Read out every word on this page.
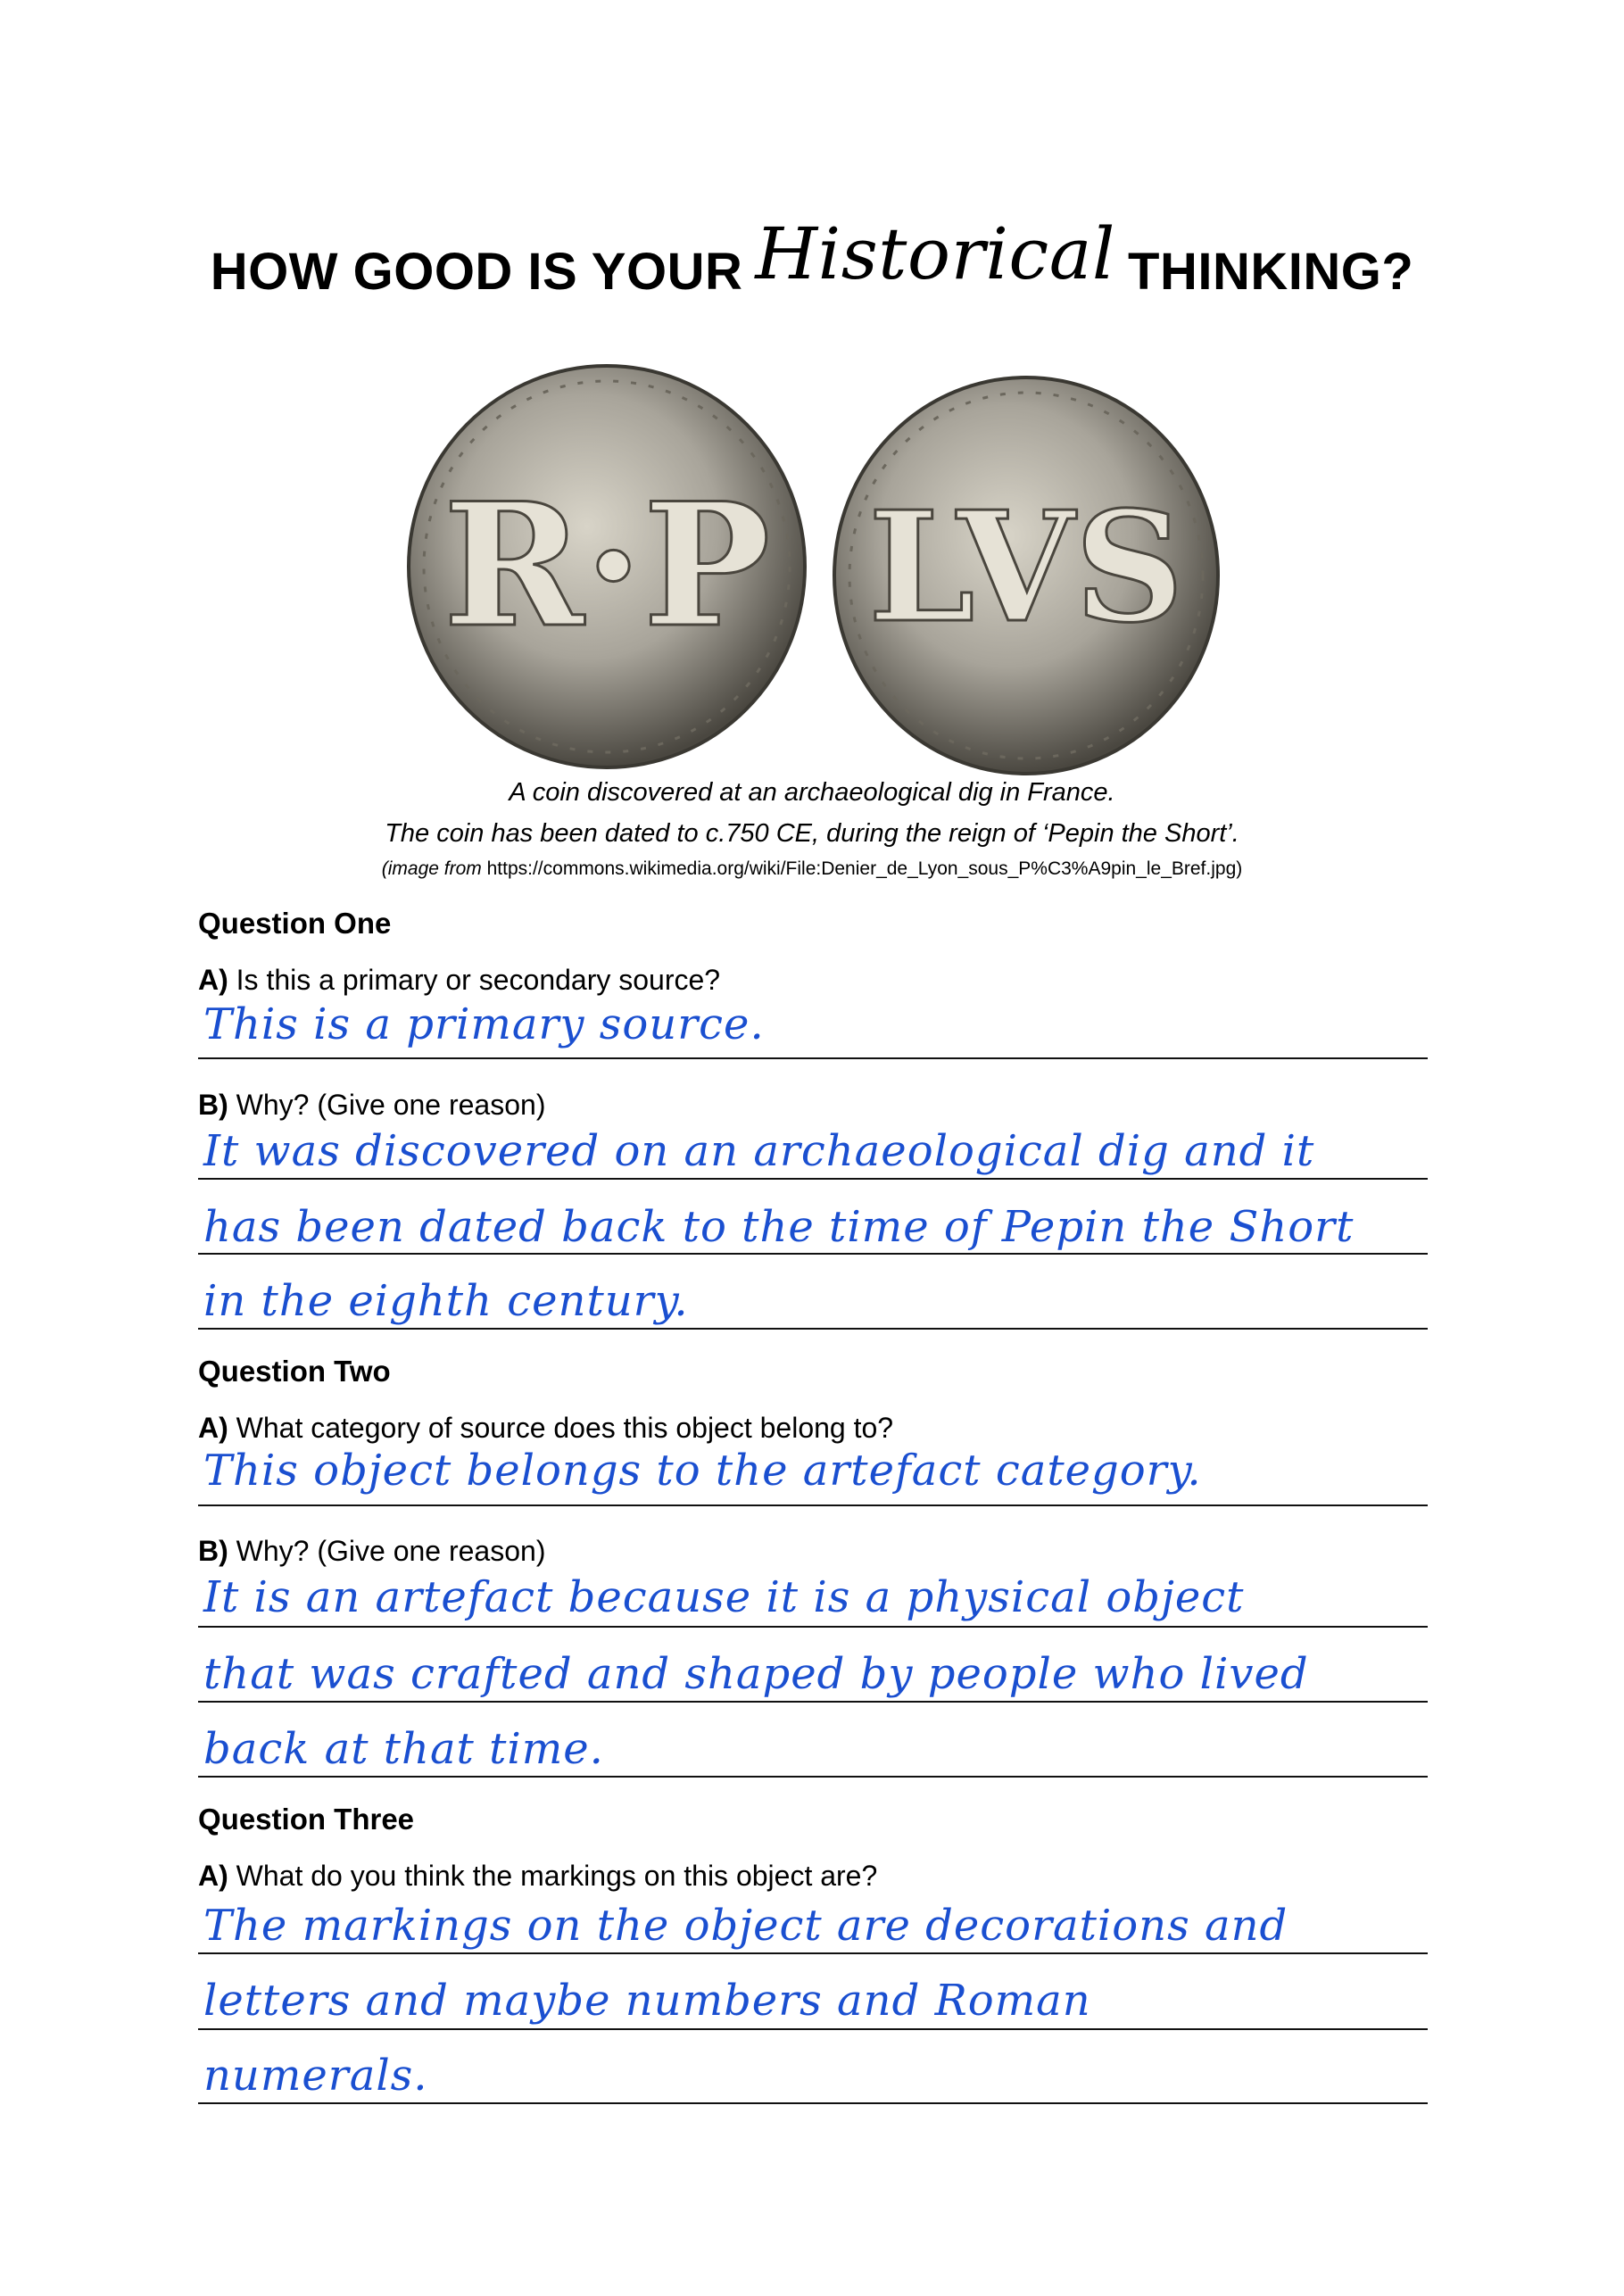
HOW GOOD IS YOUR Historical THINKING?
R·P LVS
A coin discovered at an archaeological dig in France.
The coin has been dated to c.750 CE, during the reign of ‘Pepin the Short’.
(image from https://commons.wikimedia.org/wiki/File:Denier_de_Lyon_sous_P%C3%A9pin_le_Bref.jpg)
Question One
A) Is this a primary or secondary source?
This is a primary source.
B) Why? (Give one reason)
It was discovered on an archaeological dig and it
has been dated back to the time of Pepin the Short
in the eighth century.
Question Two
A) What category of source does this object belong to?
This object belongs to the artefact category.
B) Why? (Give one reason)
It is an artefact because it is a physical object
that was crafted and shaped by people who lived
back at that time.
Question Three
A) What do you think the markings on this object are?
The markings on the object are decorations and
letters and maybe numbers and Roman
numerals.
